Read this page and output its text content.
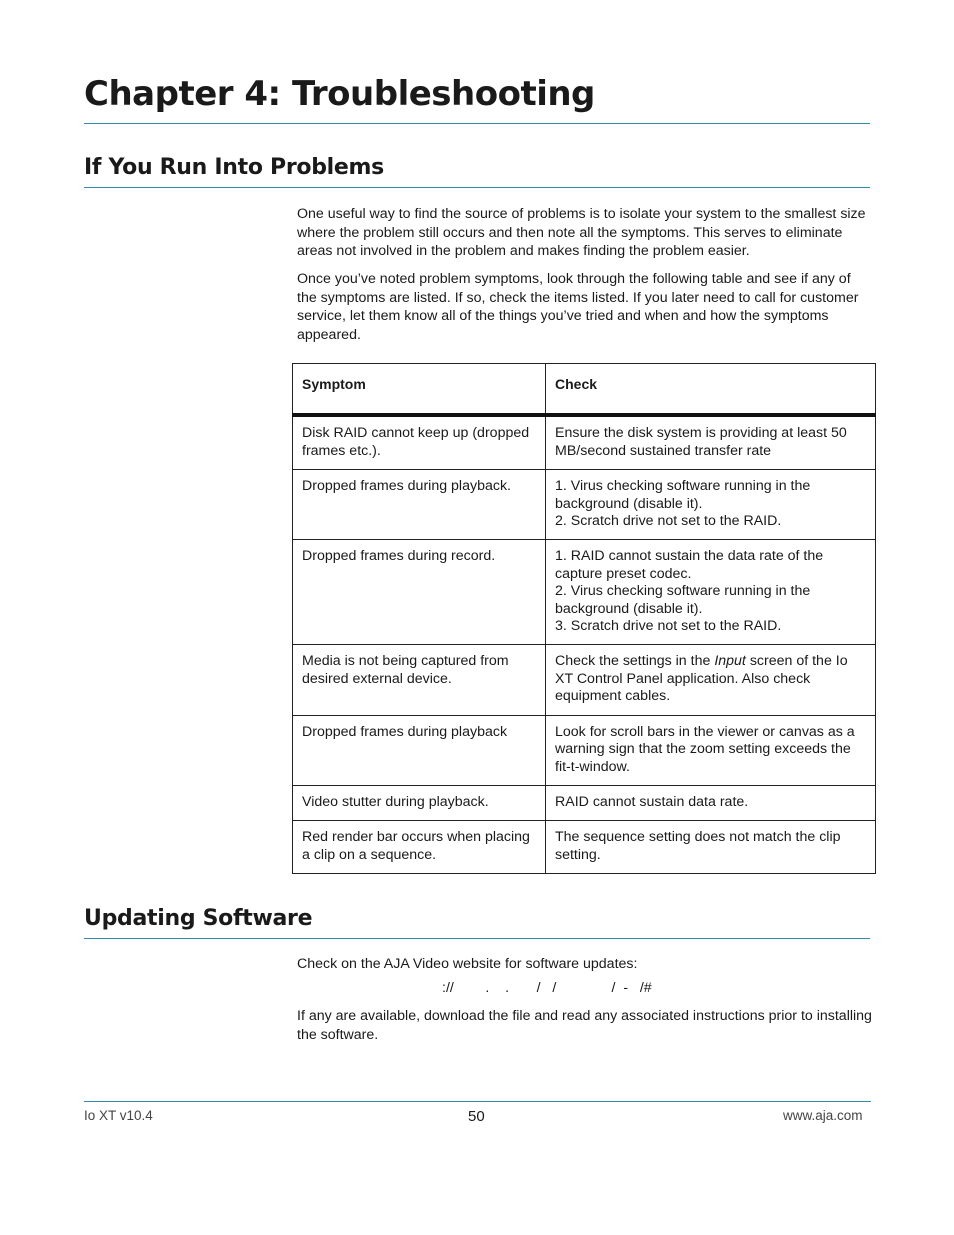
Chapter 4: Troubleshooting
If You Run Into Problems

One useful way to find the source of problems is to isolate your system to the smallest size where the problem still occurs and then note all the symptoms. This serves to eliminate areas not involved in the problem and makes finding the problem easier.

Once you’ve noted problem symptoms, look through the following table and see if any of the symptoms are listed. If so, check the items listed. If you later need to call for customer service, let them know all of the things you’ve tried and when and how the symptoms appeared.

Symptom	Check
Disk RAID cannot keep up (dropped frames etc.).	Ensure the disk system is providing at least 50 MB/second sustained transfer rate

Dropped frames during playback.	1. Virus checking software running in the background (disable it).
2. Scratch drive not set to the RAID.

Dropped frames during record.	1. RAID cannot sustain the data rate of the capture preset codec.
2. Virus checking software running in the background (disable it).
3. Scratch drive not set to the RAID.

Media is not being captured from desired external device.	Check the settings in the Input screen of the Io XT Control Panel application. Also check equipment cables.
Dropped frames during playback	Look for scroll bars in the viewer or canvas as a warning sign that the zoom setting exceeds the fit-t-window.

Video stutter during playback.	RAID cannot sustain data rate.

Red render bar occurs when placing a clip on a sequence.	The sequence setting does not match the clip setting.
Updating Software

Check on the AJA Video website for software updates:

://        .    .       /   /              /  -   /#

If any are available, download the file and read any associated instructions prior to installing the software.

Io XT v10.4	50	www.aja.com
